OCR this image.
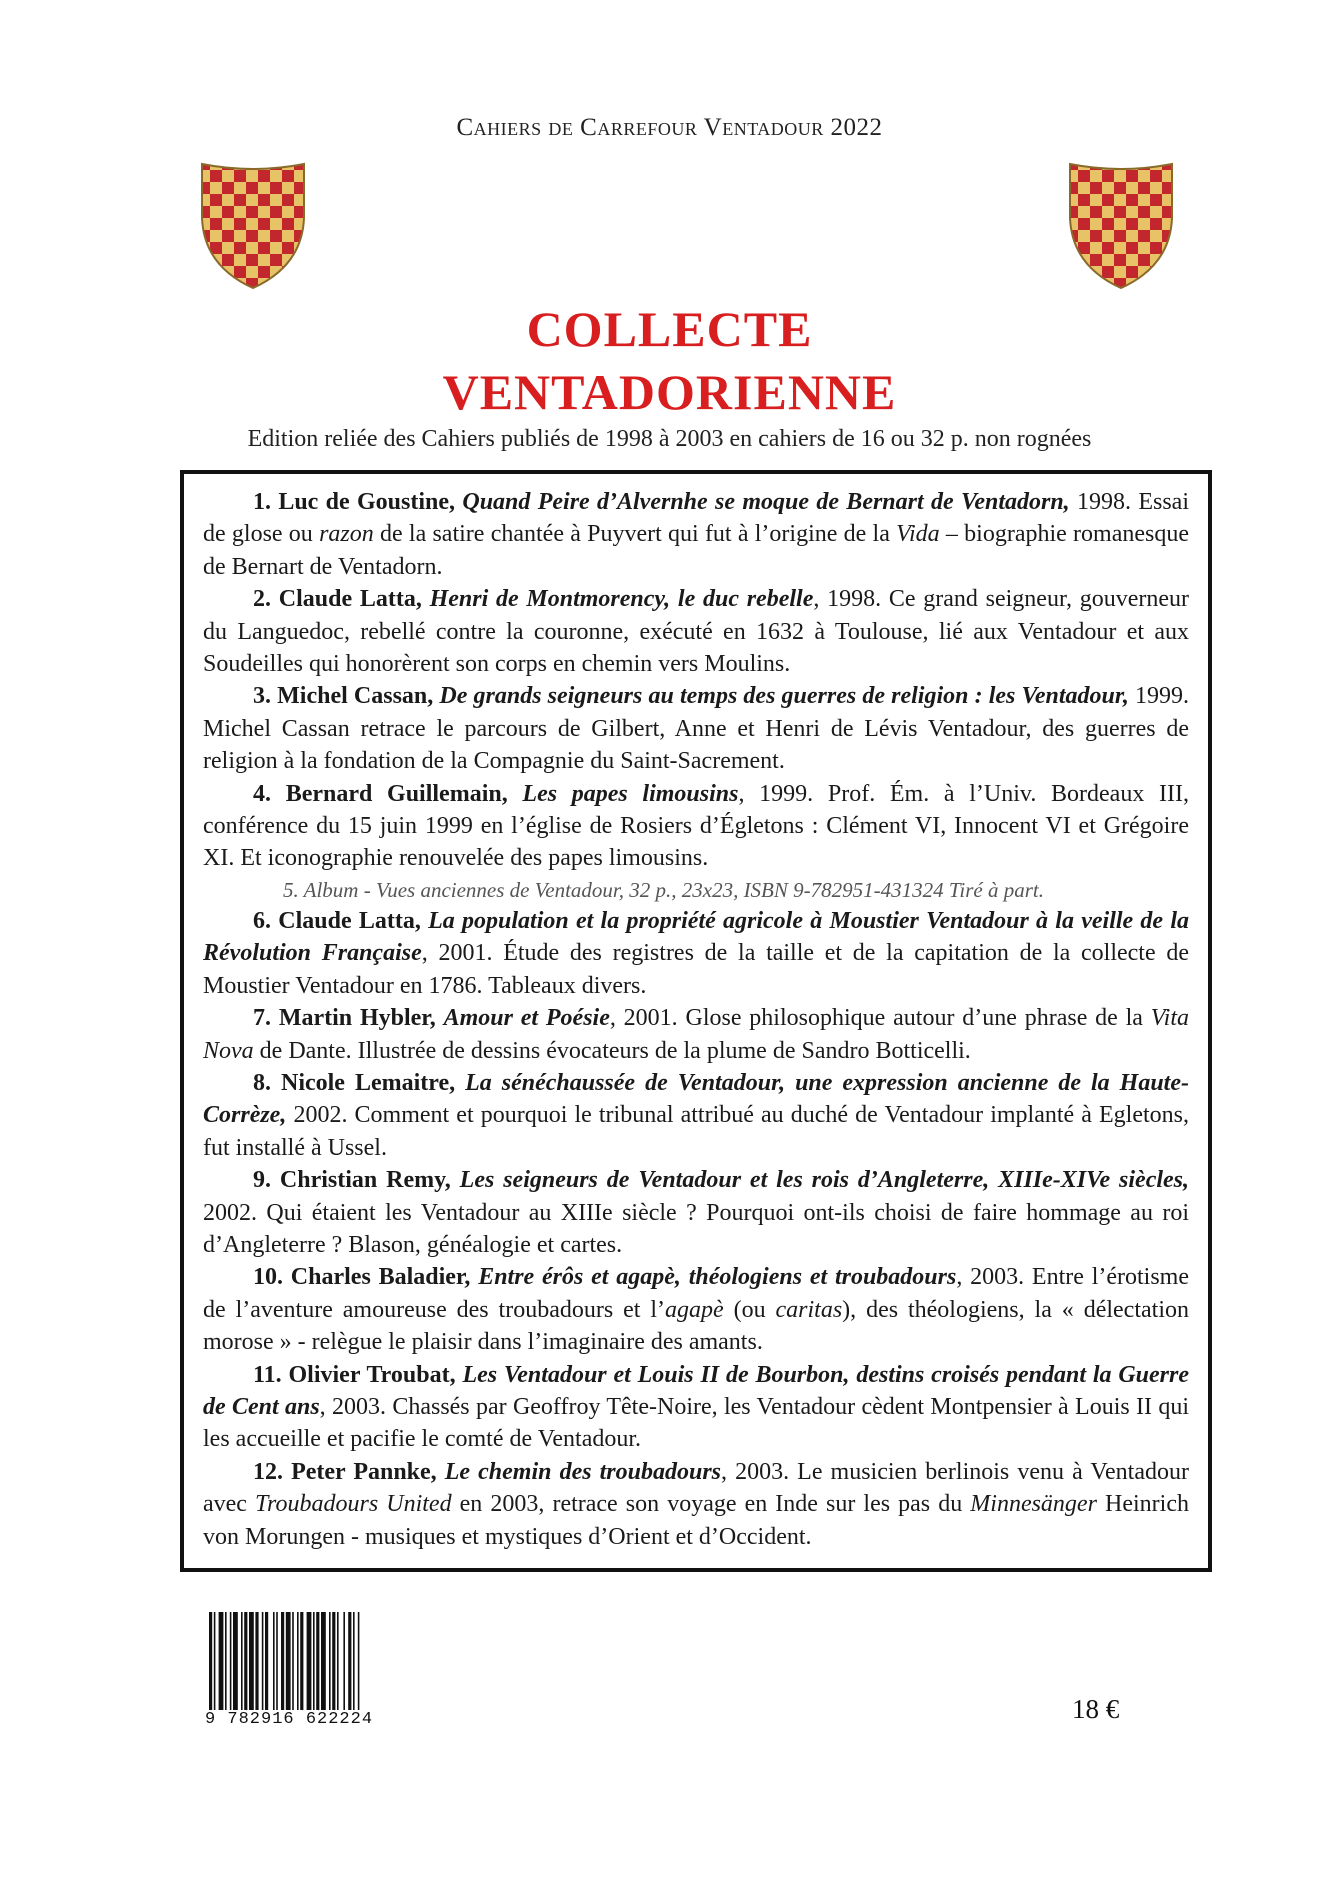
Cahiers de Carrefour Ventadour 2022
COLLECTE
VENTADORIENNE
Edition reliée des Cahiers publiés de 1998 à 2003 en cahiers de 16 ou 32 p. non rognées

1. Luc de Goustine, Quand Peire d’Alvernhe se moque de Bernart de Ventadorn, 1998. Essai de glose ou razon de la satire chantée à Puyvert qui fut à l’origine de la Vida – biographie romanesque de Bernart de Ventadorn.

2. Claude Latta, Henri de Montmorency, le duc rebelle, 1998. Ce grand seigneur, gouverneur du Languedoc, rebellé contre la couronne, exécuté en 1632 à Toulouse, lié aux Ventadour et aux Soudeilles qui honorèrent son corps en chemin vers Moulins.

3. Michel Cassan, De grands seigneurs au temps des guerres de religion : les Ventadour, 1999. Michel Cassan retrace le parcours de Gilbert, Anne et Henri de Lévis Ventadour, des guerres de religion à la fondation de la Compagnie du Saint-Sacrement.

4. Bernard Guillemain, Les papes limousins, 1999. Prof. Ém. à l’Univ. Bordeaux III, conférence du 15 juin 1999 en l’église de Rosiers d’Égletons : Clément VI, Innocent VI et Grégoire XI. Et iconographie renouvelée des papes limousins.

5. Album - Vues anciennes de Ventadour, 32 p., 23x23, ISBN 9-782951-431324 Tiré à part.

6. Claude Latta, La population et la propriété agricole à Moustier Ventadour à la veille de la Révolution Française, 2001. Étude des registres de la taille et de la capitation de la collecte de Moustier Ventadour en 1786. Tableaux divers.

7. Martin Hybler, Amour et Poésie, 2001. Glose philosophique autour d’une phrase de la Vita Nova de Dante. Illustrée de dessins évocateurs de la plume de Sandro Botticelli.

8. Nicole Lemaitre, La sénéchaussée de Ventadour, une expression ancienne de la Haute-Corrèze, 2002. Comment et pourquoi le tribunal attribué au duché de Ventadour implanté à Egletons, fut installé à Ussel.

9. Christian Remy, Les seigneurs de Ventadour et les rois d’Angleterre, XIIIe-XIVe siècles, 2002. Qui étaient les Ventadour au XIIIe siècle ? Pourquoi ont-ils choisi de faire hommage au roi d’Angleterre ? Blason, généalogie et cartes.

10. Charles Baladier, Entre érôs et agapè, théologiens et troubadours, 2003. Entre l’érotisme de l’aventure amoureuse des troubadours et l’agapè (ou caritas), des théologiens, la « délectation morose » - relègue le plaisir dans l’imaginaire des amants.

11. Olivier Troubat, Les Ventadour et Louis II de Bourbon, destins croisés pendant la Guerre de Cent ans, 2003. Chassés par Geoffroy Tête-Noire, les Ventadour cèdent Montpensier à Louis II qui les accueille et pacifie le comté de Ventadour.

12. Peter Pannke, Le chemin des troubadours, 2003. Le musicien berlinois venu à Ventadour avec Troubadours United en 2003, retrace son voyage en Inde sur les pas du Minnesänger Heinrich von Morungen - musiques et mystiques d’Orient et d’Occident.

9 782916 622224	18 €
